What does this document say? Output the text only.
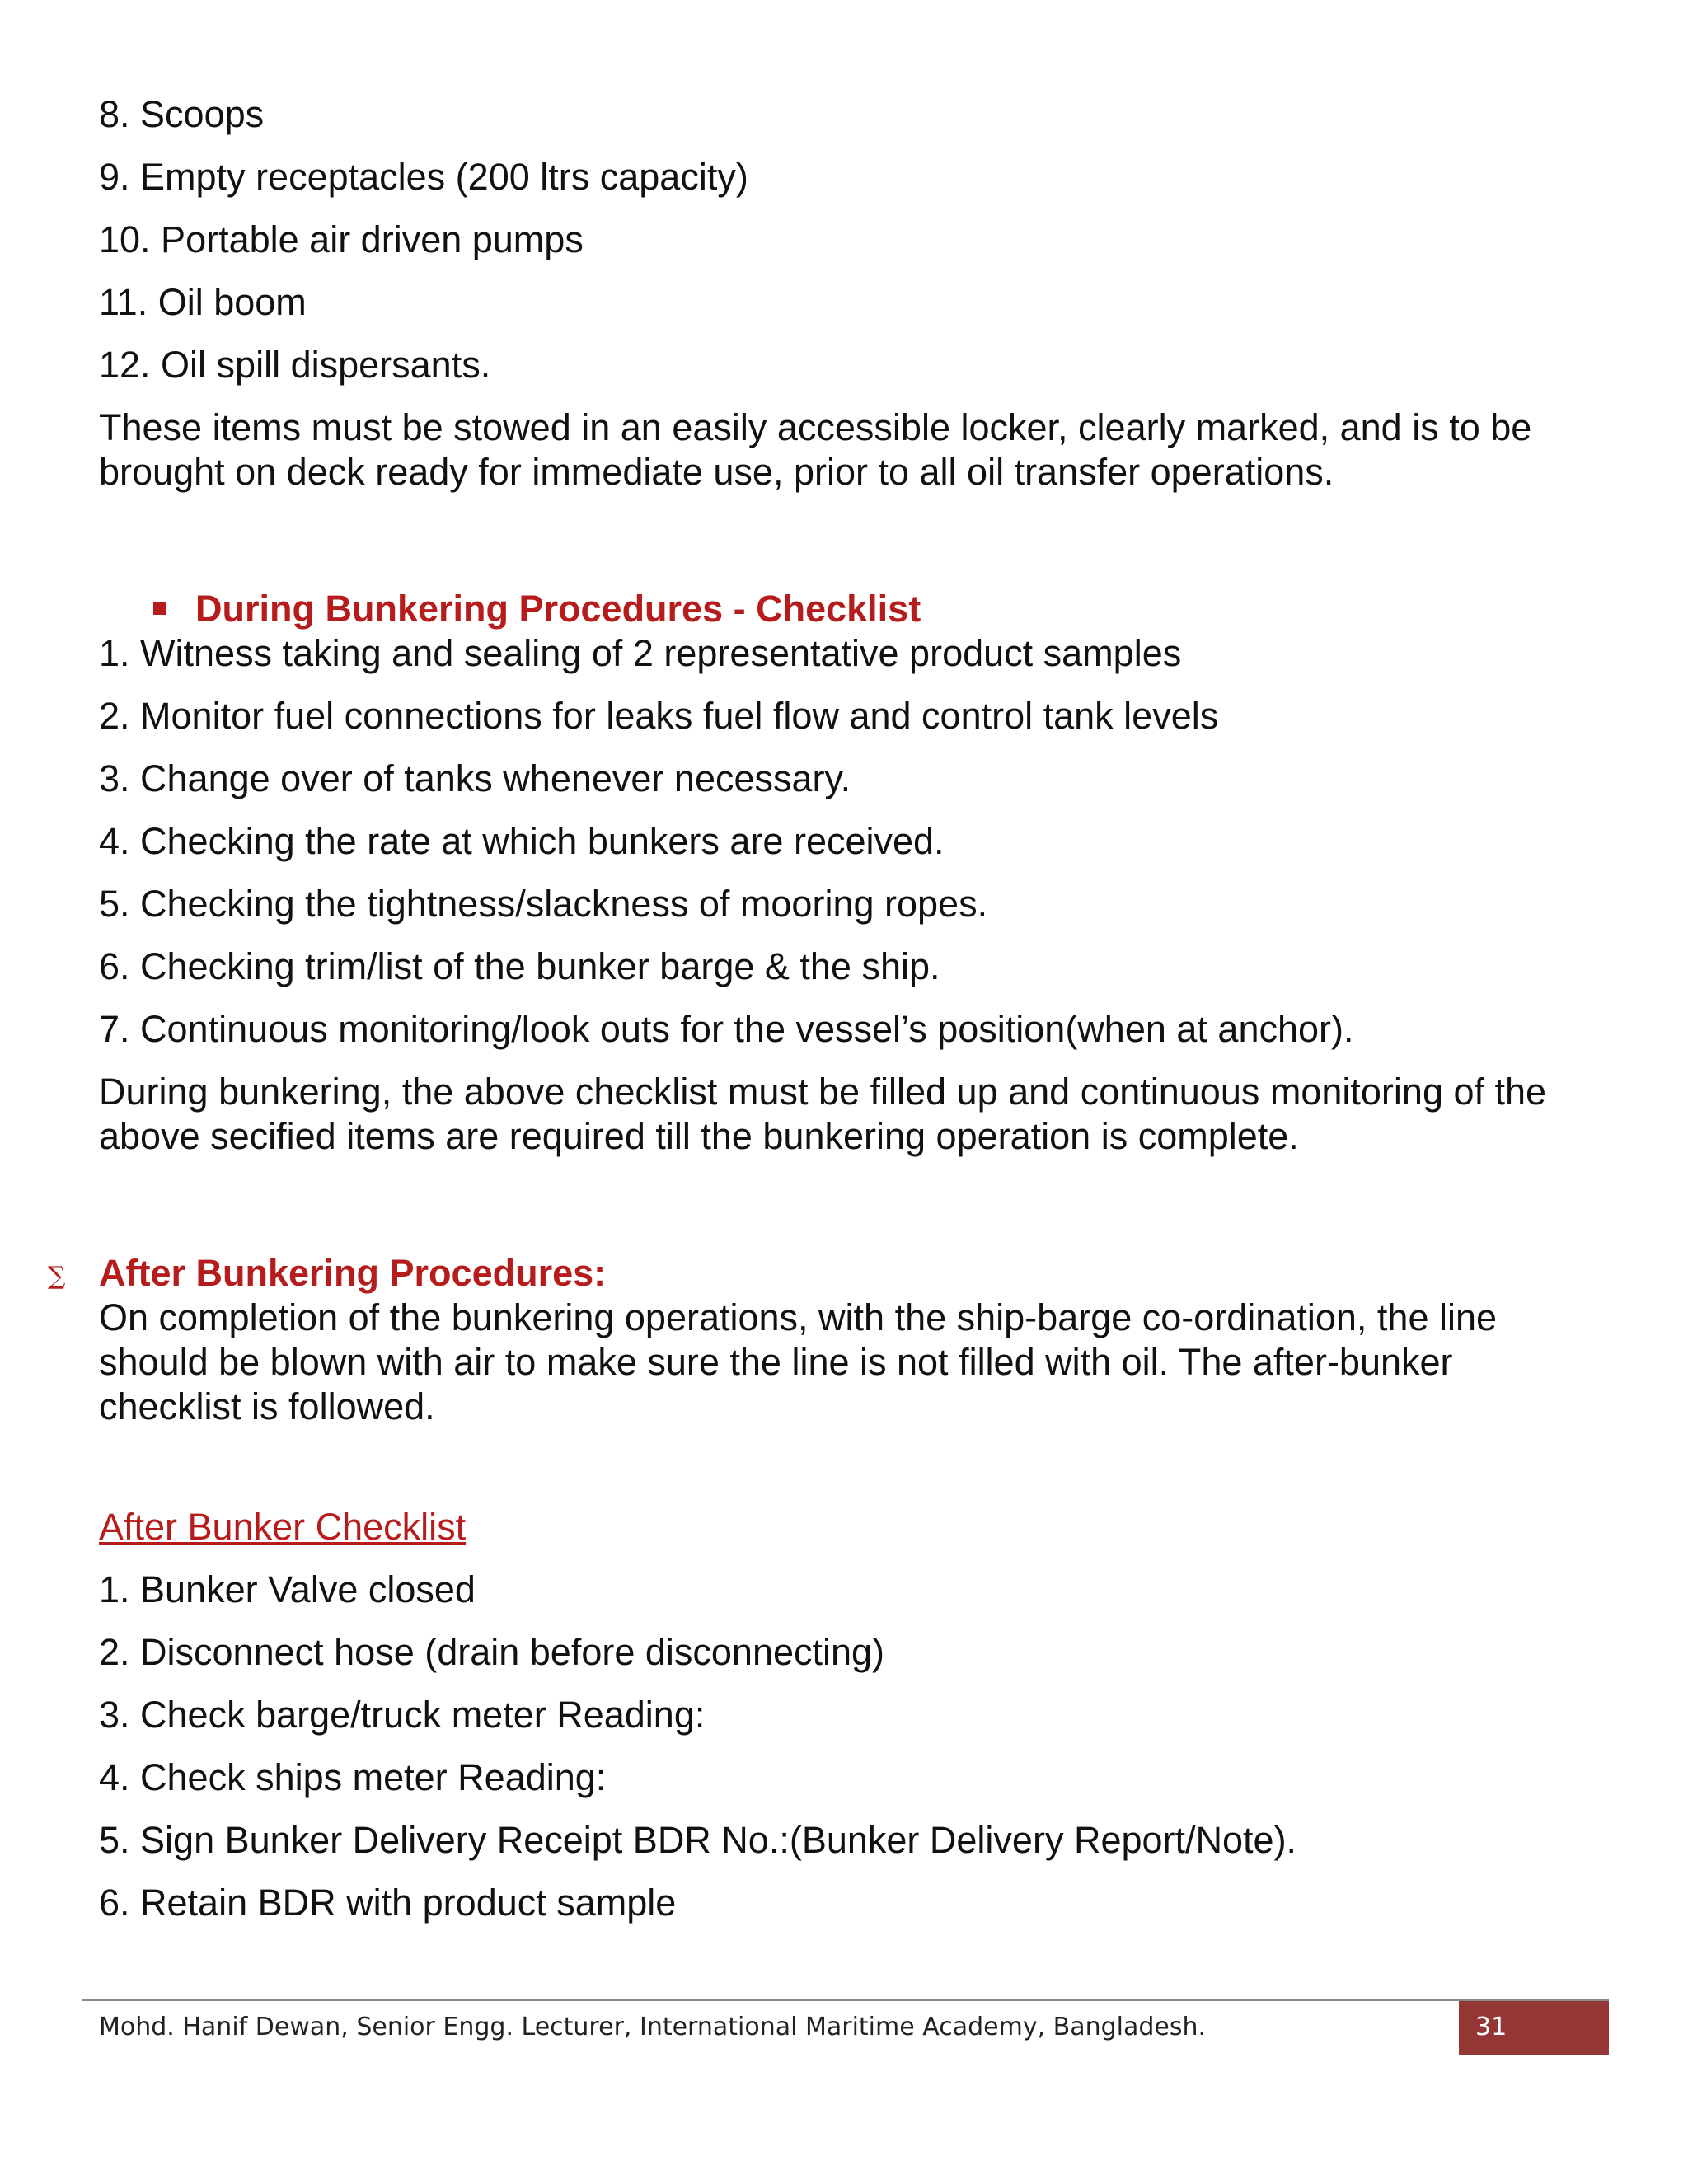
8. Scoops

9. Empty receptacles (200 ltrs capacity)

10. Portable air driven pumps

11. Oil boom

12. Oil spill dispersants.

These items must be stowed in an easily accessible locker, clearly marked, and is to be brought on deck ready for immediate use, prior to all oil transfer operations.

During Bunkering Procedures - Checklist

1. Witness taking and sealing of 2 representative product samples

2. Monitor fuel connections for leaks fuel flow and control tank levels

3. Change over of tanks whenever necessary.

4. Checking the rate at which bunkers are received.

5. Checking the tightness/slackness of mooring ropes.

6. Checking trim/list of the bunker barge & the ship.

7. Continuous monitoring/look outs for the vessel’s position(when at anchor).

During bunkering, the above checklist must be filled up and continuous monitoring of the above secified items are required till the bunkering operation is complete.

∑ After Bunkering Procedures:

On completion of the bunkering operations, with the ship-barge co-ordination, the line should be blown with air to make sure the line is not filled with oil. The after-bunker checklist is followed.

After Bunker Checklist

1. Bunker Valve closed

2. Disconnect hose (drain before disconnecting)

3. Check barge/truck meter Reading:

4. Check ships meter Reading:

5. Sign Bunker Delivery Receipt BDR No.:(Bunker Delivery Report/Note).

6. Retain BDR with product sample

Mohd. Hanif Dewan, Senior Engg. Lecturer, International Maritime Academy, Bangladesh.	31
